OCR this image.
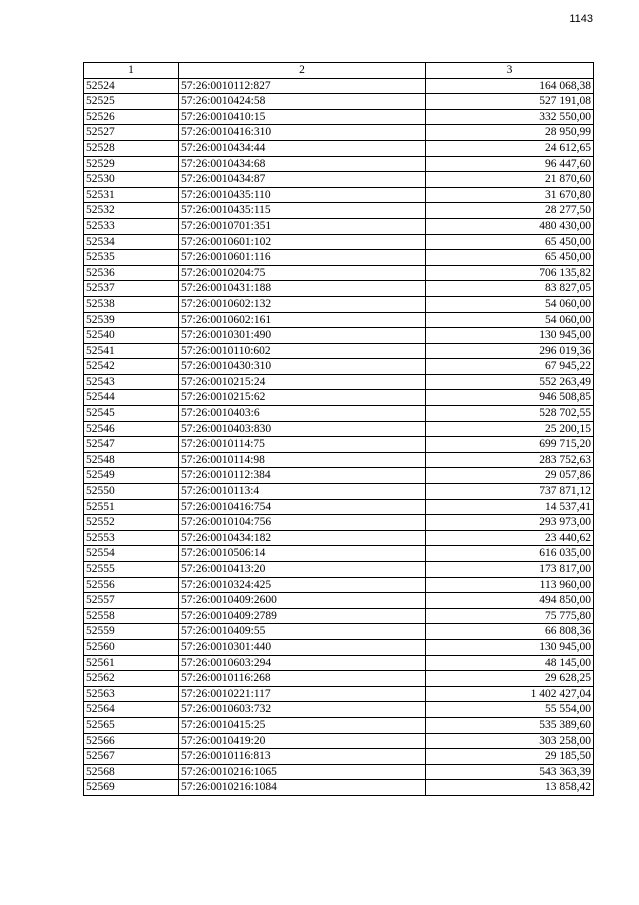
1143
1	2	3
52524	57:26:0010112:827	164 068,38
52525	57:26:0010424:58	527 191,08
52526	57:26:0010410:15	332 550,00
52527	57:26:0010416:310	28 950,99
52528	57:26:0010434:44	24 612,65
52529	57:26:0010434:68	96 447,60
52530	57:26:0010434:87	21 870,60
52531	57:26:0010435:110	31 670,80
52532	57:26:0010435:115	28 277,50
52533	57:26:0010701:351	480 430,00
52534	57:26:0010601:102	65 450,00
52535	57:26:0010601:116	65 450,00
52536	57:26:0010204:75	706 135,82
52537	57:26:0010431:188	83 827,05
52538	57:26:0010602:132	54 060,00
52539	57:26:0010602:161	54 060,00
52540	57:26:0010301:490	130 945,00
52541	57:26:0010110:602	296 019,36
52542	57:26:0010430:310	67 945,22
52543	57:26:0010215:24	552 263,49
52544	57:26:0010215:62	946 508,85
52545	57:26:0010403:6	528 702,55
52546	57:26:0010403:830	25 200,15
52547	57:26:0010114:75	699 715,20
52548	57:26:0010114:98	283 752,63
52549	57:26:0010112:384	29 057,86
52550	57:26:0010113:4	737 871,12
52551	57:26:0010416:754	14 537,41
52552	57:26:0010104:756	293 973,00
52553	57:26:0010434:182	23 440,62
52554	57:26:0010506:14	616 035,00
52555	57:26:0010413:20	173 817,00
52556	57:26:0010324:425	113 960,00
52557	57:26:0010409:2600	494 850,00
52558	57:26:0010409:2789	75 775,80
52559	57:26:0010409:55	66 808,36
52560	57:26:0010301:440	130 945,00
52561	57:26:0010603:294	48 145,00
52562	57:26:0010116:268	29 628,25
52563	57:26:0010221:117	1 402 427,04
52564	57:26:0010603:732	55 554,00
52565	57:26:0010415:25	535 389,60
52566	57:26:0010419:20	303 258,00
52567	57:26:0010116:813	29 185,50
52568	57:26:0010216:1065	543 363,39
52569	57:26:0010216:1084	13 858,42
